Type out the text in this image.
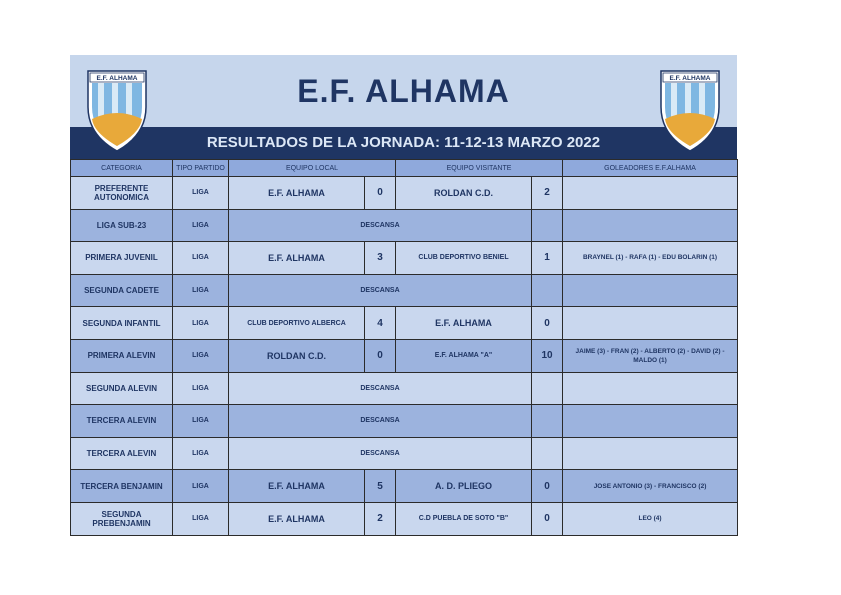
E.F. ALHAMA
RESULTADOS DE LA JORNADA: 11-12-13 MARZO 2022
E.F. ALHAMA	E.F. ALHAMA
CATEGORIA	TIPO PARTIDO	EQUIPO LOCAL		EQUIPO VISITANTE		GOLEADORES E.F.ALHAMA
PREFERENTE AUTONOMICA	LIGA	E.F. ALHAMA	0	ROLDAN C.D.	2	
LIGA SUB-23	LIGA	DESCANSA				
PRIMERA JUVENIL	LIGA	E.F. ALHAMA	3	CLUB DEPORTIVO BENIEL	1	BRAYNEL (1) - RAFA (1) - EDU BOLARIN (1)
SEGUNDA CADETE	LIGA	DESCANSA				
SEGUNDA INFANTIL	LIGA	CLUB DEPORTIVO ALBERCA	4	E.F. ALHAMA	0	
PRIMERA ALEVIN	LIGA	ROLDAN C.D.	0	E.F. ALHAMA "A"	10	JAIME (3) - FRAN (2) - ALBERTO (2) - DAVID (2) - MALDO (1)
SEGUNDA ALEVIN	LIGA	DESCANSA				
TERCERA ALEVIN	LIGA	DESCANSA				
TERCERA ALEVIN	LIGA	DESCANSA				
TERCERA BENJAMIN	LIGA	E.F. ALHAMA	5	A. D. PLIEGO	0	JOSE ANTONIO (3) - FRANCISCO (2)
SEGUNDA PREBENJAMIN	LIGA	E.F. ALHAMA	2	C.D PUEBLA DE SOTO "B"	0	LEO (4)
